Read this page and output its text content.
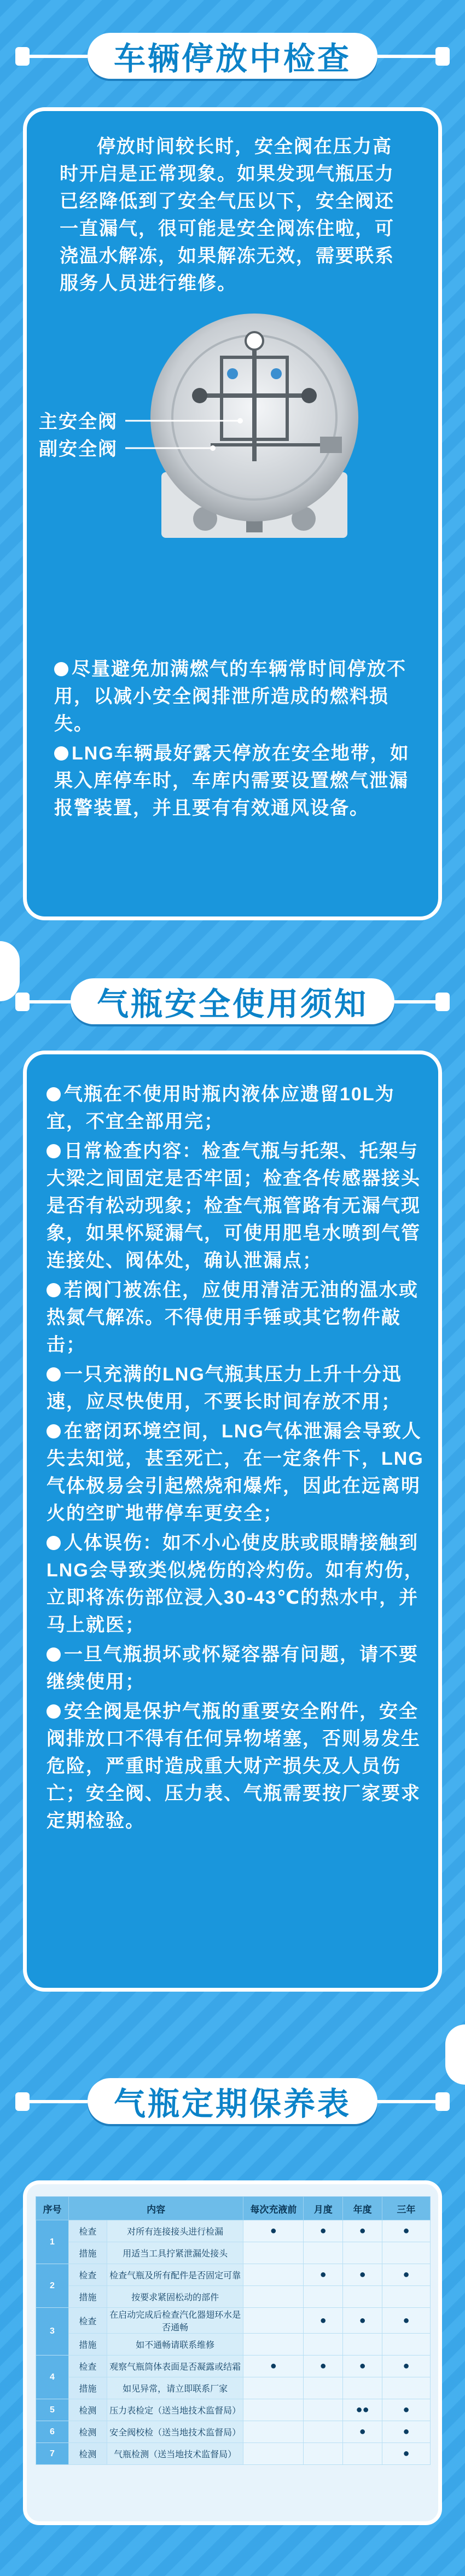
车辆停放中检查

停放时间较长时，安全阀在压力高时开启是正常现象。如果发现气瓶压力已经降低到了安全气压以下，安全阀还一直漏气，很可能是安全阀冻住啦，可浇温水解冻，如果解冻无效，需要联系服务人员进行维修。

主安全阀
副安全阀

尽量避免加满燃气的车辆常时间停放不用，以减小安全阀排泄所造成的燃料损失。

LNG车辆最好露天停放在安全地带，如果入库停车时，车库内需要设置燃气泄漏报警装置，并且要有有效通风设备。

气瓶安全使用须知

气瓶在不使用时瓶内液体应遗留10L为宜，不宜全部用完；

日常检查内容：检查气瓶与托架、托架与大梁之间固定是否牢固；检查各传感器接头是否有松动现象；检查气瓶管路有无漏气现象，如果怀疑漏气，可使用肥皂水喷到气管连接处、阀体处，确认泄漏点；

若阀门被冻住，应使用清洁无油的温水或热氮气解冻。不得使用手锤或其它物件敲击；

一只充满的LNG气瓶其压力上升十分迅速，应尽快使用，不要长时间存放不用；

在密闭环境空间，LNG气体泄漏会导致人失去知觉，甚至死亡，在一定条件下，LNG气体极易会引起燃烧和爆炸，因此在远离明火的空旷地带停车更安全；

人体误伤：如不小心使皮肤或眼睛接触到LNG会导致类似烧伤的冷灼伤。如有灼伤，立即将冻伤部位浸入30-43℃的热水中，并马上就医；

一旦气瓶损坏或怀疑容器有问题，请不要继续使用；

安全阀是保护气瓶的重要安全附件，安全阀排放口不得有任何异物堵塞，否则易发生危险，严重时造成重大财产损失及人员伤亡；安全阀、压力表、气瓶需要按厂家要求定期检验。

气瓶定期保养表
序号	内容		每次充液前	月度	年度	三年
1	检查	对所有连接接头进行检漏	●	●	●	●
	措施	用适当工具拧紧泄漏处接头				
2	检查	检查气瓶及所有配件是否固定可靠		●	●	●
	措施	按要求紧固松动的部件				
3	检查	在启动完成后检查汽化器翅环水是否通畅		●	●	●
	措施	如不通畅请联系维修				
4	检查	观察气瓶筒体表面是否凝露或结霜	●	●	●	●
	措施	如见异常，请立即联系厂家				
5	检测	压力表检定（送当地技术监督局）			●●	●
6	检测	安全阀校检（送当地技术监督局）			●	●
7	检测	气瓶检测（送当地技术监督局）				●
